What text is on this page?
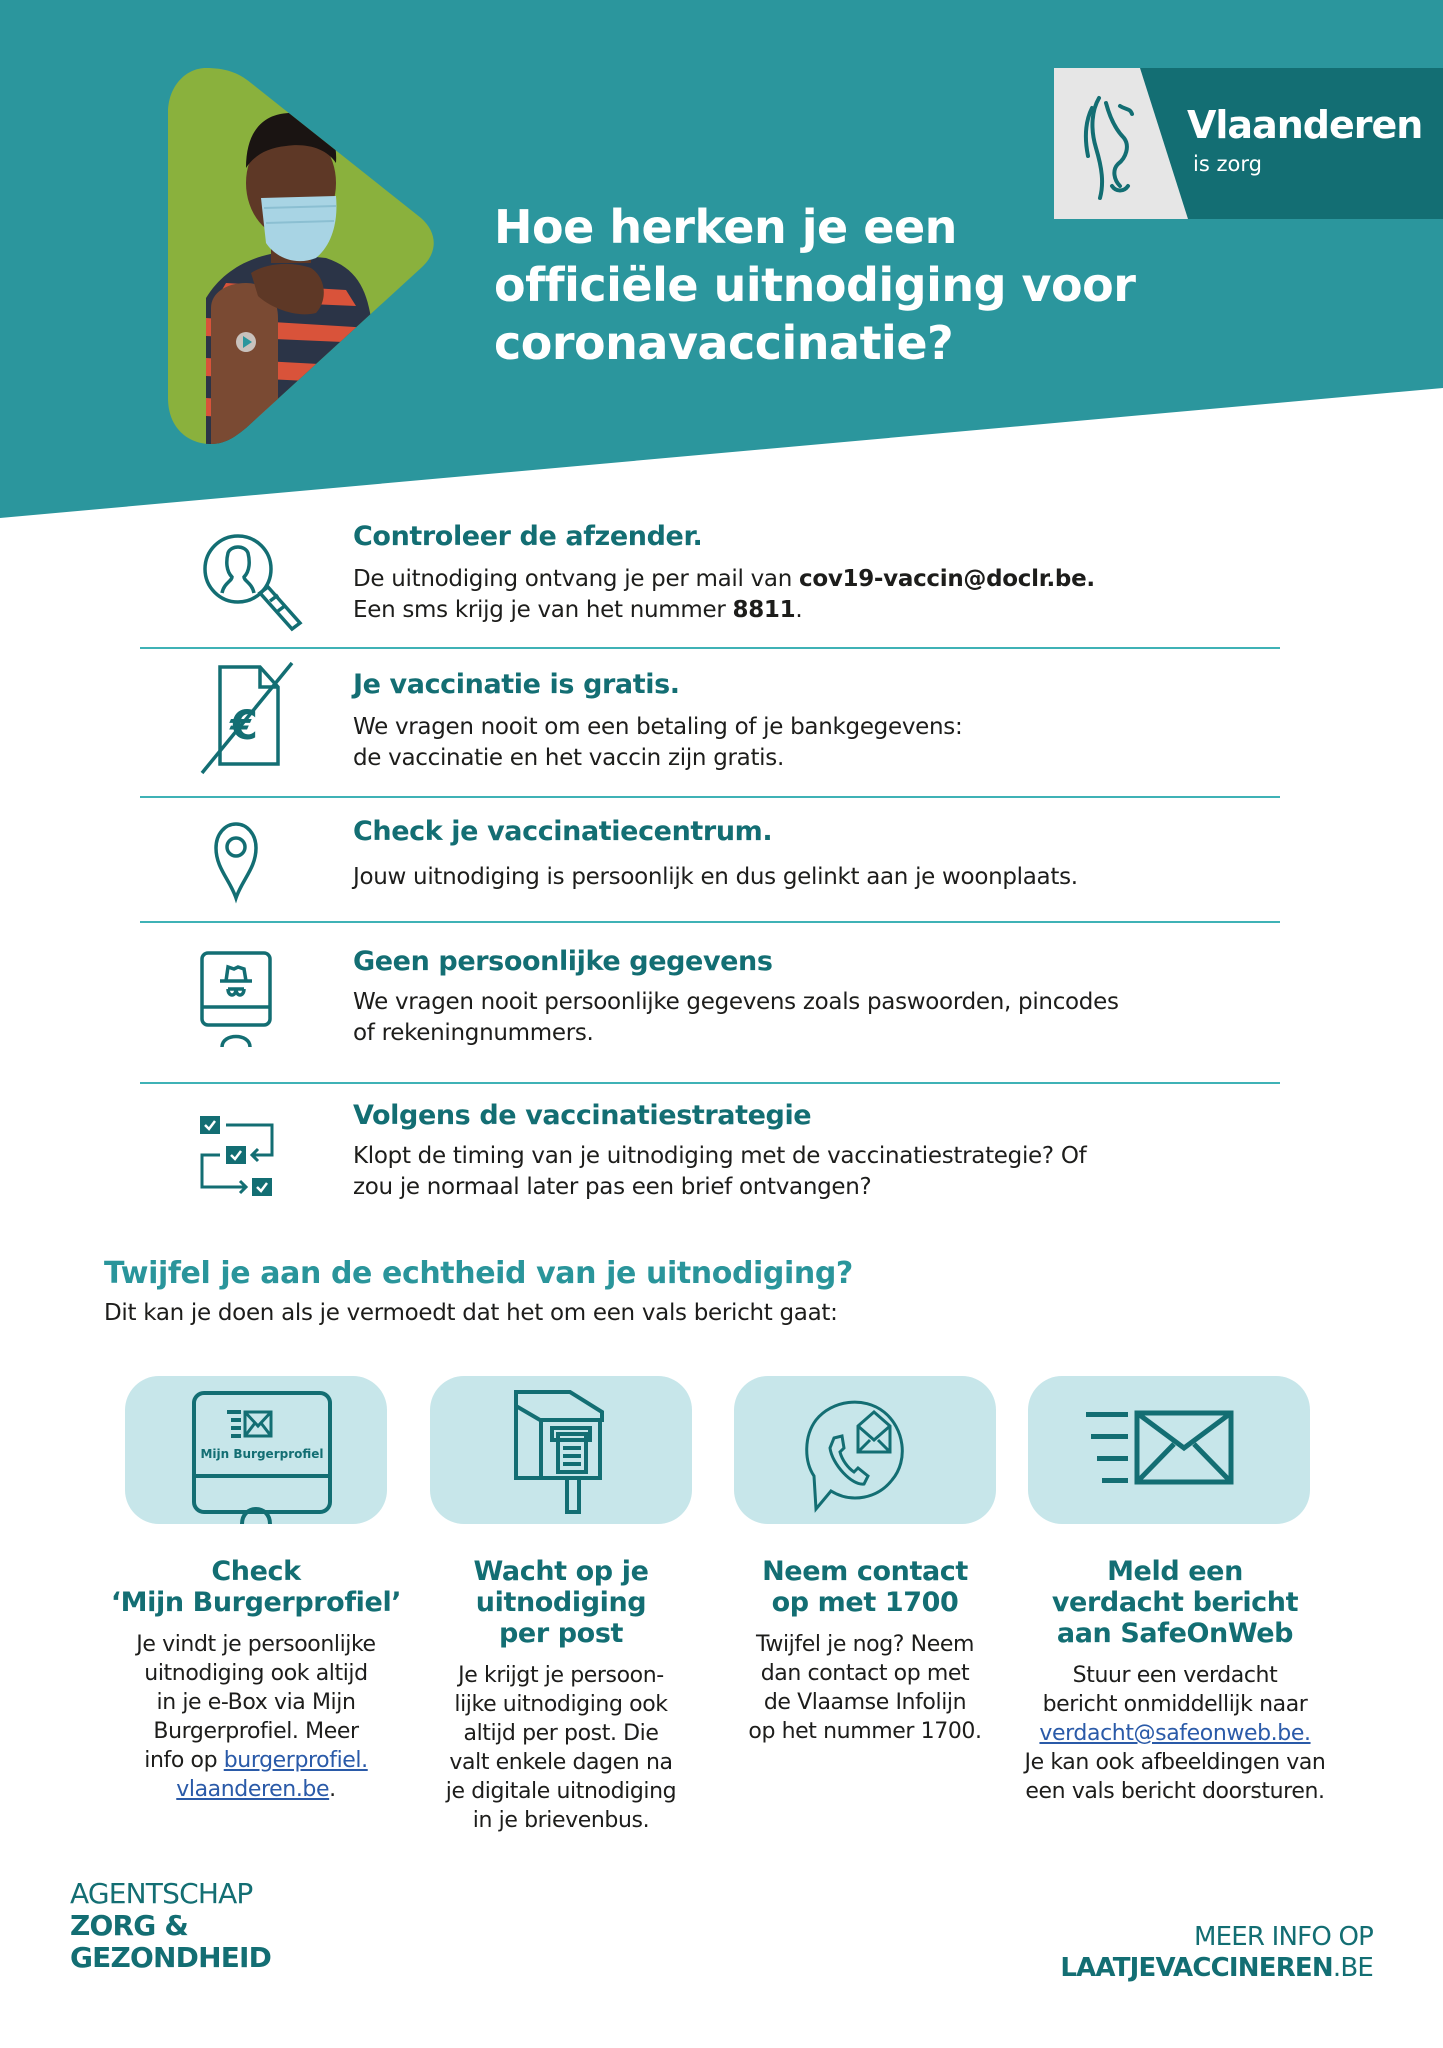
Vlaanderen
is zorg
Hoe herken je een
officiële uitnodiging voor
coronavaccinatie?
Controleer de afzender.
De uitnodiging ontvang je per mail van cov19-vaccin@doclr.be.
Een sms krijg je van het nummer 8811.
€
Je vaccinatie is gratis.
We vragen nooit om een betaling of je bankgegevens:
de vaccinatie en het vaccin zijn gratis.
Check je vaccinatiecentrum.
Jouw uitnodiging is persoonlijk en dus gelinkt aan je woonplaats.
Geen persoonlijke gegevens
We vragen nooit persoonlijke gegevens zoals paswoorden, pincodes
of rekeningnummers.
Volgens de vaccinatiestrategie
Klopt de timing van je uitnodiging met de vaccinatiestrategie? Of
zou je normaal later pas een brief ontvangen?
Twijfel je aan de echtheid van je uitnodiging?

Dit kan je doen als je vermoedt dat het om een vals bericht gaat:

Mijn Burgerprofiel
Check
‘Mijn Burgerprofiel’
Je vindt je persoonlijke
uitnodiging ook altijd
in je e-Box via Mijn
Burgerprofiel. Meer
info op burgerprofiel.
vlaanderen.be.
Wacht op je
uitnodiging
per post
Je krijgt je persoon-
lijke uitnodiging ook
altijd per post. Die
valt enkele dagen na
je digitale uitnodiging
in je brievenbus.
Neem contact
op met 1700
Twijfel je nog? Neem
dan contact op met
de Vlaamse Infolijn
op het nummer 1700.
Meld een
verdacht bericht
aan SafeOnWeb
Stuur een verdacht
bericht onmiddellijk naar
verdacht@safeonweb.be.
Je kan ook afbeeldingen van
een vals bericht doorsturen.
AGENTSCHAP
ZORG &
GEZONDHEID
MEER INFO OP
LAATJEVACCINEREN.BE
